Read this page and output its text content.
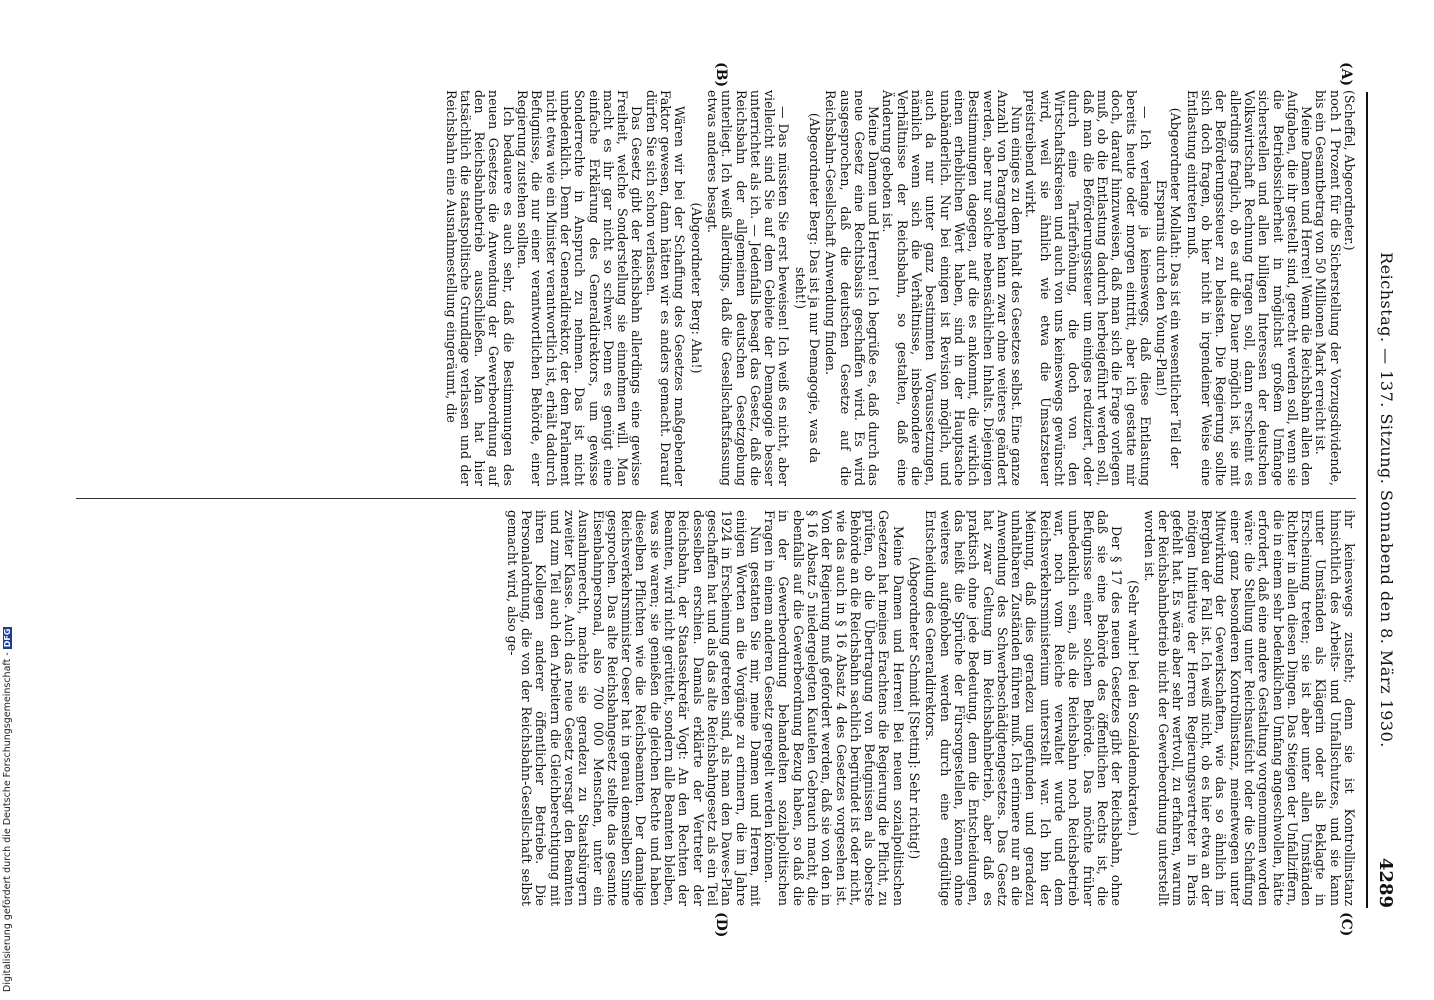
Reichstag. — 137. Sitzung. Sonnabend den 8. März 1930.
4289
(A)
(B)
(C)
(D)

(Scheffel, Abgeordneter.)

noch 1 Prozent für die Sicherstellung der Vorzugsdividende, bis ein Gesamtbetrag von 50 Millionen Mark erreicht ist.

Meine Damen und Herren! Wenn die Reichsbahn allen den Aufgaben, die ihr gestellt sind, gerecht werden soll, wenn sie die Betriebssicherheit in möglichst großem Umfange sicherstellen und allen billigen Interessen der deutschen Volkswirtschaft Rechnung tragen soll, dann erscheint es allerdings fraglich, ob es auf die Dauer möglich ist, sie mit der Beförderungssteuer zu belasten. Die Regierung sollte sich doch fragen, ob hier nicht in irgendeiner Weise eine Entlastung eintreten muß.

(Abgeordneter Mollath: Das ist ein wesentlicher Teil der Ersparnis durch den Young-Plan!)

— Ich verlange ja keineswegs, daß diese Entlastung bereits heute oder morgen eintritt, aber ich gestatte mir doch, darauf hinzuweisen, daß man sich die Frage vorlegen muß, ob die Entlastung dadurch herbeigeführt werden soll, daß man die Beförderungssteuer um einiges reduziert, oder durch eine Tariferhöhung, die doch von den Wirtschaftskreisen und auch von uns keineswegs gewünscht wird, weil sie ähnlich wie etwa die Umsatzsteuer preistreibend wirkt.

Nun einiges zu dem Inhalt des Gesetzes selbst. Eine ganze Anzahl von Paragraphen kann zwar ohne weiteres geändert werden, aber nur solche nebensächlichen Inhalts. Diejenigen Bestimmungen dagegen, auf die es ankommt, die wirklich einen erheblichen Wert haben, sind in der Hauptsache unabänderlich. Nur bei einigen ist Revision möglich, und auch da nur unter ganz bestimmten Voraussetzungen, nämlich wenn sich die Verhältnisse, insbesondere die Verhältnisse der Reichsbahn, so gestalten, daß eine Änderung geboten ist.

Meine Damen und Herren! Ich begrüße es, daß durch das neue Gesetz eine Rechtsbasis geschaffen wird. Es wird ausgesprochen, daß die deutschen Gesetze auf die Reichsbahn-Gesellschaft Anwendung finden.

(Abgeordneter Berg: Das ist ja nur Demagogie, was da steht!)

— Das müssten Sie erst beweisen! Ich weiß es nicht, aber vielleicht sind Sie auf dem Gebiete der Demagogie besser unterrichtet als ich. — Jedenfalls besagt das Gesetz, daß die Reichsbahn der allgemeinen deutschen Gesetzgebung unterliegt. Ich weiß allerdings, daß die Gesellschaftsfassung etwas anderes besagt.

(Abgeordneter Berg: Aha!)

Wären wir bei der Schaffung des Gesetzes maßgebender Faktor gewesen, dann hätten wir es anders gemacht. Darauf dürfen Sie sich schon verlassen.

Das Gesetz gibt der Reichsbahn allerdings eine gewisse Freiheit, welche Sonderstellung sie einnehmen will. Man macht es ihr gar nicht so schwer. Denn es genügt eine einfache Erklärung des Generaldirektors, um gewisse Sonderrechte in Anspruch zu nehmen. Das ist nicht unbedenklich. Denn der Generaldirektor, der dem Parlament nicht etwa wie ein Minister verantwortlich ist, erhält dadurch Befugnisse, die nur einer verantwortlichen Behörde, einer Regierung zustehen sollten.

Ich bedauere es auch sehr, daß die Bestimmungen des neuen Gesetzes die Anwendung der Gewerbeordnung auf den Reichsbahnbetrieb ausschließen. Man hat hier tatsächlich die staatspolitische Grundlage verlassen und der Reichsbahn eine Ausnahmestellung eingeräumt, die

ihr keineswegs zusteht; denn sie ist Kontrollinstanz hinsichtlich des Arbeits- und Unfallschutzes, und sie kann unter Umständen als Klägerin oder als Beklagte in Erscheinung treten; sie ist aber unter allen Umständen Richter in allen diesen Dingen. Das Steigen der Unfallziffern, die in einem sehr bedenklichen Umfang angeschwollen, hätte erfordert, daß eine andere Gestaltung vorgenommen worden wäre: die Stellung unter Reichsaufsicht oder die Schaffung einer ganz besonderen Kontrollinstanz, meinetwegen unter Mitwirkung der Gewerkschaften, wie das so ähnlich im Bergbau der Fall ist. Ich weiß nicht, ob es hier etwa an der nötigen Initiative der Herren Regierungsvertreter in Paris gefehlt hat. Es wäre aber sehr wertvoll, zu erfahren, warum der Reichsbahnbetrieb nicht der Gewerbeordnung unterstellt worden ist.

(Sehr wahr! bei den Sozialdemokraten.)

Der § 17 des neuen Gesetzes gibt der Reichsbahn, ohne daß sie eine Behörde des öffentlichen Rechts ist, die Befugnisse einer solchen Behörde. Das möchte früher unbedenklich sein, als die Reichsbahn noch Reichsbetrieb war, noch vom Reiche verwaltet wurde und dem Reichsverkehrsministerium unterstellt war. Ich bin der Meinung, daß dies geradezu ungefunden und geradezu unhaltbaren Zuständen führen muß. Ich erinnere nur an die Anwendung des Schwerbeschädigtengesetzes. Das Gesetz hat zwar Geltung im Reichsbahnbetrieb, aber daß es praktisch ohne jede Bedeutung, denn die Entscheidungen, das heißt die Sprüche der Fürsorgestellen, können ohne weiteres aufgehoben werden durch eine endgültige Entscheidung des Generaldirektors.

(Abgeordneter Schmidt [Stettin]: Sehr richtig!)

Meine Damen und Herren! Bei neuen sozialpolitischen Gesetzen hat meines Erachtens die Regierung die Pflicht, zu prüfen, ob die Übertragung von Befugnissen als oberste Behörde an die Reichsbahn sachlich begründet ist oder nicht, wie das auch in § 16 Absatz 4 des Gesetzes vorgesehen ist. Von der Regierung muß gefordert werden, daß sie von den in § 16 Absatz 5 niedergelegten Kautelen Gebrauch macht, die ebenfalls auf die Gewerbeordnung Bezug haben, so daß die in der Gewerbeordnung behandelten sozialpolitischen Fragen in einem anderen Gesetz geregelt werden können.

Nun gestatten Sie mir, meine Damen und Herren, mit einigen Worten an die Vorgänge zu erinnern, die im Jahre 1924 in Erscheinung getreten sind, als man den Dawes-Plan geschaffen hat und als das alte Reichsbahngesetz als ein Teil desselben erschien. Damals erklärte der Vertreter der Reichsbahn, der Staatssekretär Vogt: An den Rechten der Beamten, wird nicht gerüttelt, sondern alle Beamten bleiben, was sie waren; sie genießen die gleichen Rechte und haben dieselben Pflichten wie die Reichsbeamten. Der damalige Reichsverkehrsminister Oeser hat in genau demselben Sinne gesprochen. Das alte Reichsbahngesetz stellte das gesamte Eisenbahnpersonal, also 700 000 Menschen, unter ein Ausnahmerecht, machte sie geradezu zu Staatsbürgern zweiter Klasse. Auch das neue Gesetz versagt den Beamten und zum Teil auch den Arbeitern die Gleichberechtigung mit ihren Kollegen anderer öffentlicher Betriebe. Die Personalordnung, die von der Reichsbahn-Gesellschaft selbst gemacht wird, also ge-

Digitalisierung gefördert durch die Deutsche Forschungsgemeinschaft - DFG
